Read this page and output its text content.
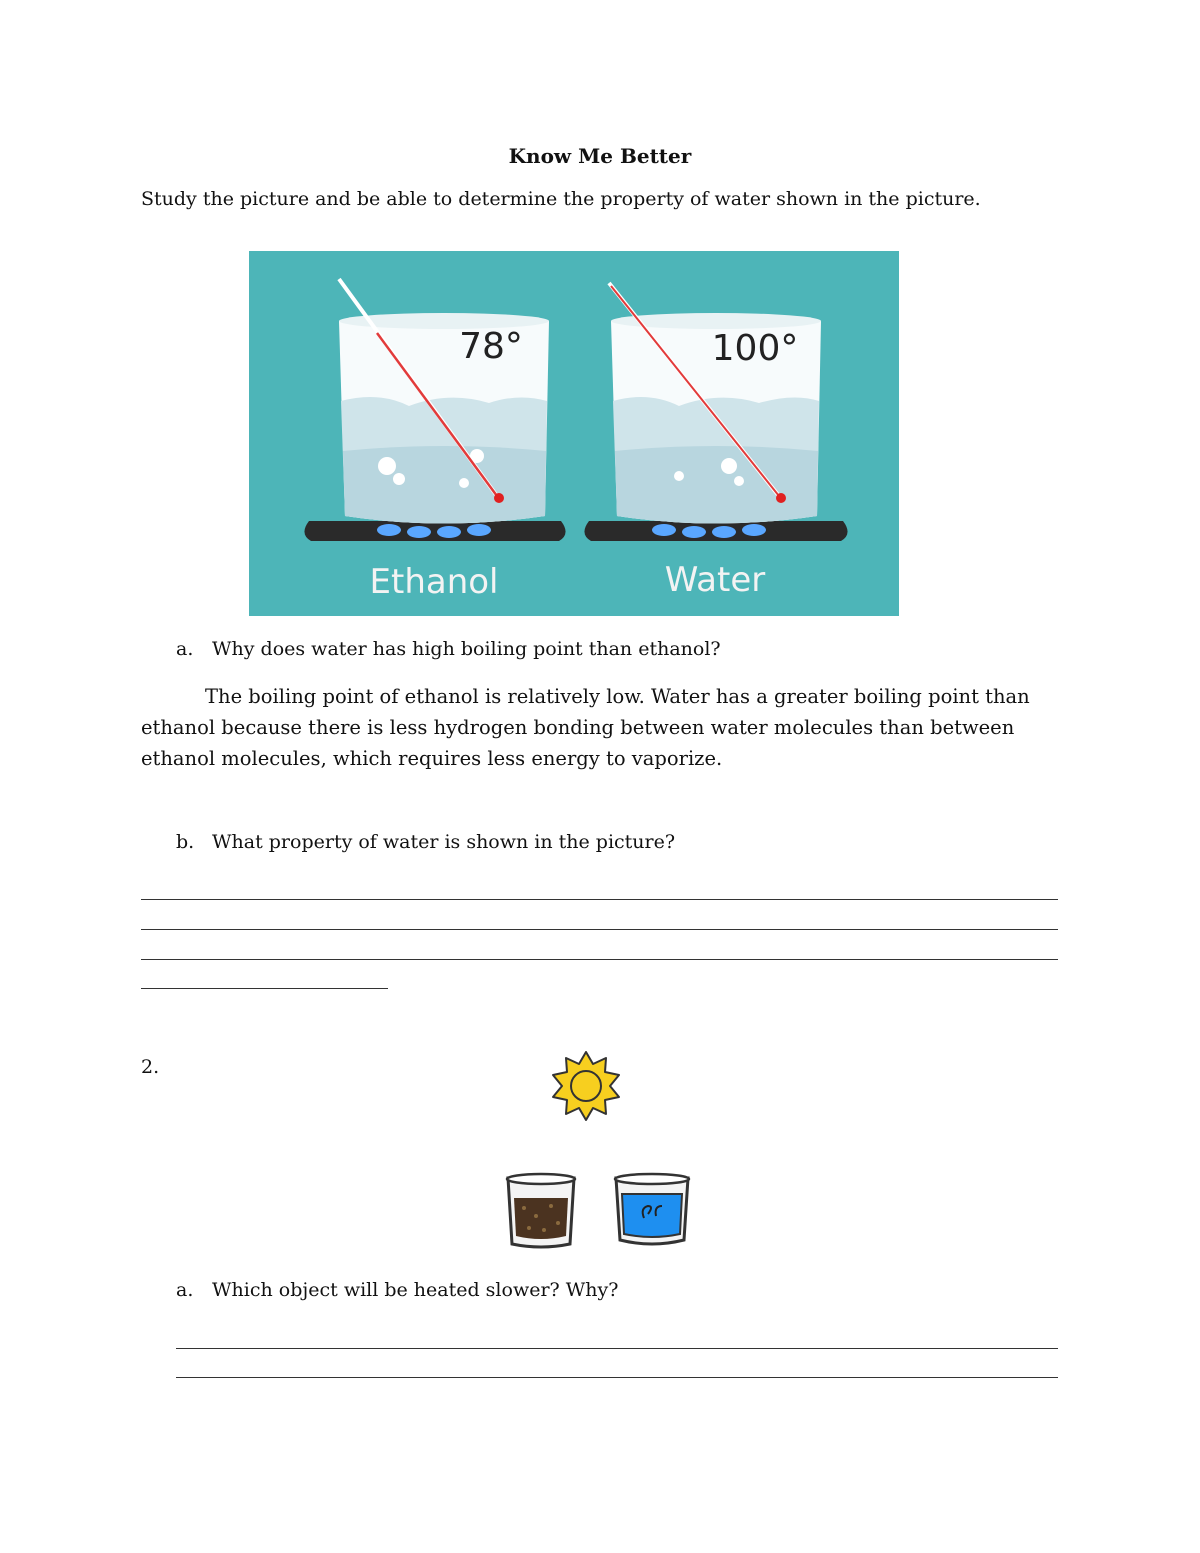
Know Me Better
Study the picture and be able to determine the property of water shown in the picture.
78°	100°
Ethanol	Water
a. Why does water has high boiling point than ethanol?
The boiling point of ethanol is relatively low. Water has a greater boiling point than ethanol because there is less hydrogen bonding between water molecules than between ethanol molecules, which requires less energy to vaporize.
b. What property of water is shown in the picture?
2.
a. Which object will be heated slower? Why?
